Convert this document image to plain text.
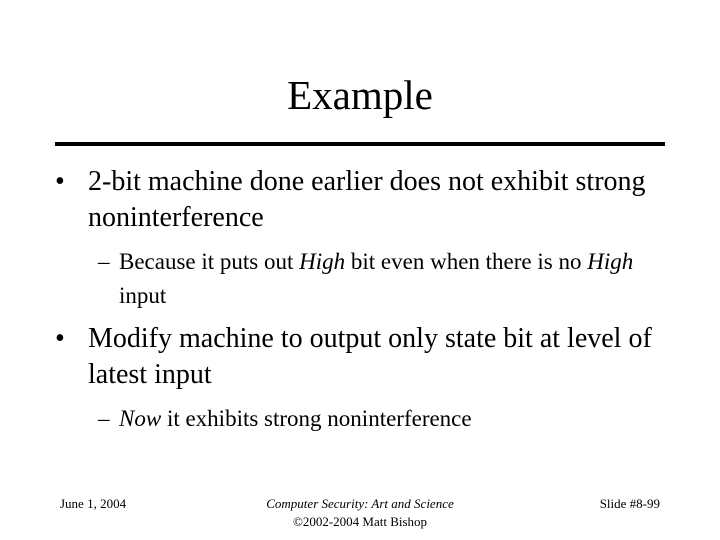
Example
• 2-bit machine done earlier does not exhibit strong noninterference
– Because it puts out High bit even when there is no High input
• Modify machine to output only state bit at level of latest input
– Now it exhibits strong noninterference
June 1, 2004	Computer Security: Art and Science
©2002-2004 Matt Bishop
Slide #8-99
